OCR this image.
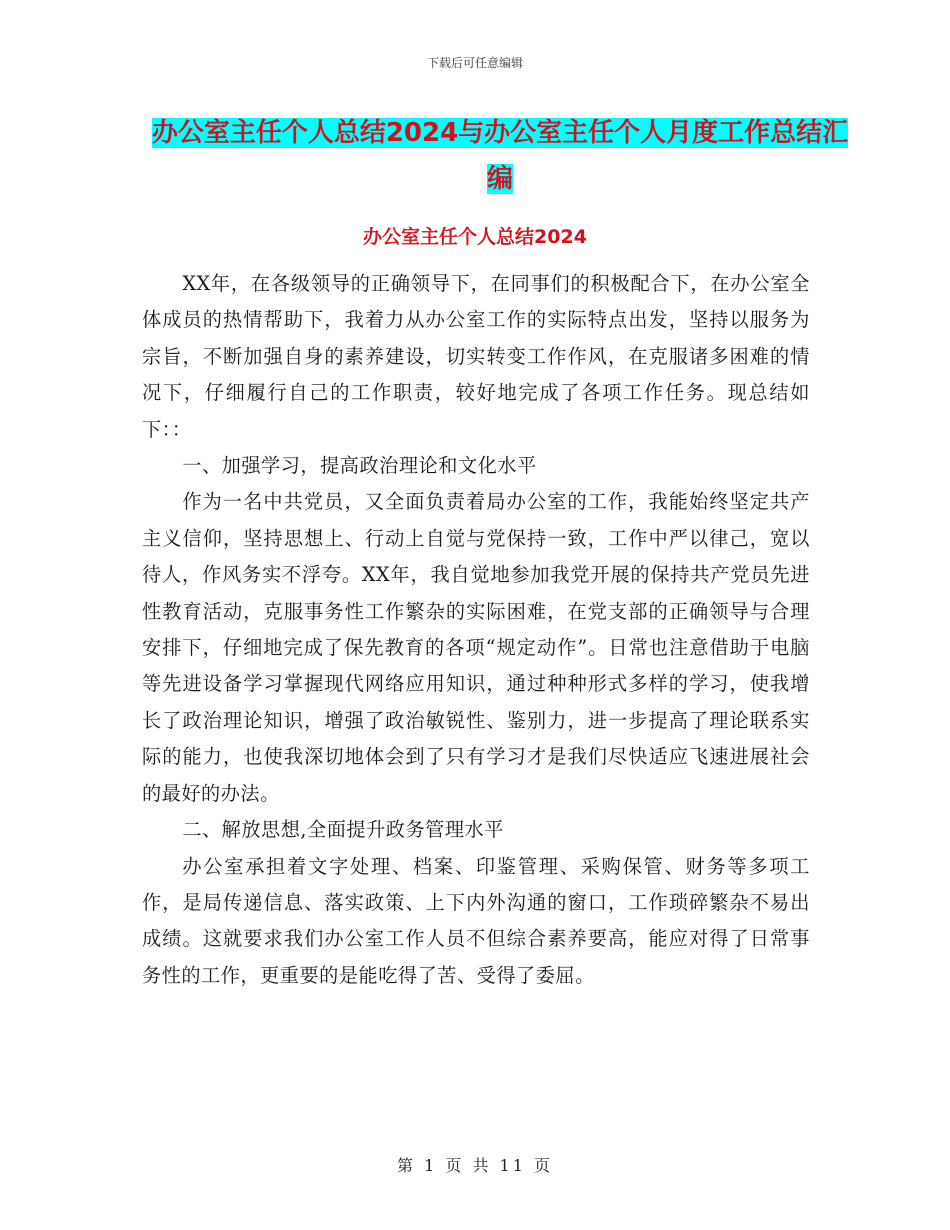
下载后可任意编辑
办公室主任个人总结2024与办公室主任个人月度工作总结汇编
办公室主任个人总结2024

XX年，在各级领导的正确领导下，在同事们的积极配合下，在办公室全体成员的热情帮助下，我着力从办公室工作的实际特点出发，坚持以服务为宗旨，不断加强自身的素养建设，切实转变工作作风，在克服诸多困难的情况下，仔细履行自己的工作职责，较好地完成了各项工作任务。现总结如下：：

一、加强学习，提高政治理论和文化水平

作为一名中共党员，又全面负责着局办公室的工作，我能始终坚定共产主义信仰，坚持思想上、行动上自觉与党保持一致，工作中严以律己，宽以待人，作风务实不浮夸。XX年，我自觉地参加我党开展的保持共产党员先进性教育活动，克服事务性工作繁杂的实际困难，在党支部的正确领导与合理安排下，仔细地完成了保先教育的各项“规定动作”。日常也注意借助于电脑等先进设备学习掌握现代网络应用知识，通过种种形式多样的学习，使我增长了政治理论知识，增强了政治敏锐性、鉴别力，进一步提高了理论联系实际的能力，也使我深切地体会到了只有学习才是我们尽快适应飞速进展社会的最好的办法。

二、解放思想,全面提升政务管理水平

办公室承担着文字处理、档案、印鉴管理、采购保管、财务等多项工作，是局传递信息、落实政策、上下内外沟通的窗口，工作琐碎繁杂不易出成绩。这就要求我们办公室工作人员不但综合素养要高，能应对得了日常事务性的工作，更重要的是能吃得了苦、受得了委屈。

第 1 页 共 11 页
